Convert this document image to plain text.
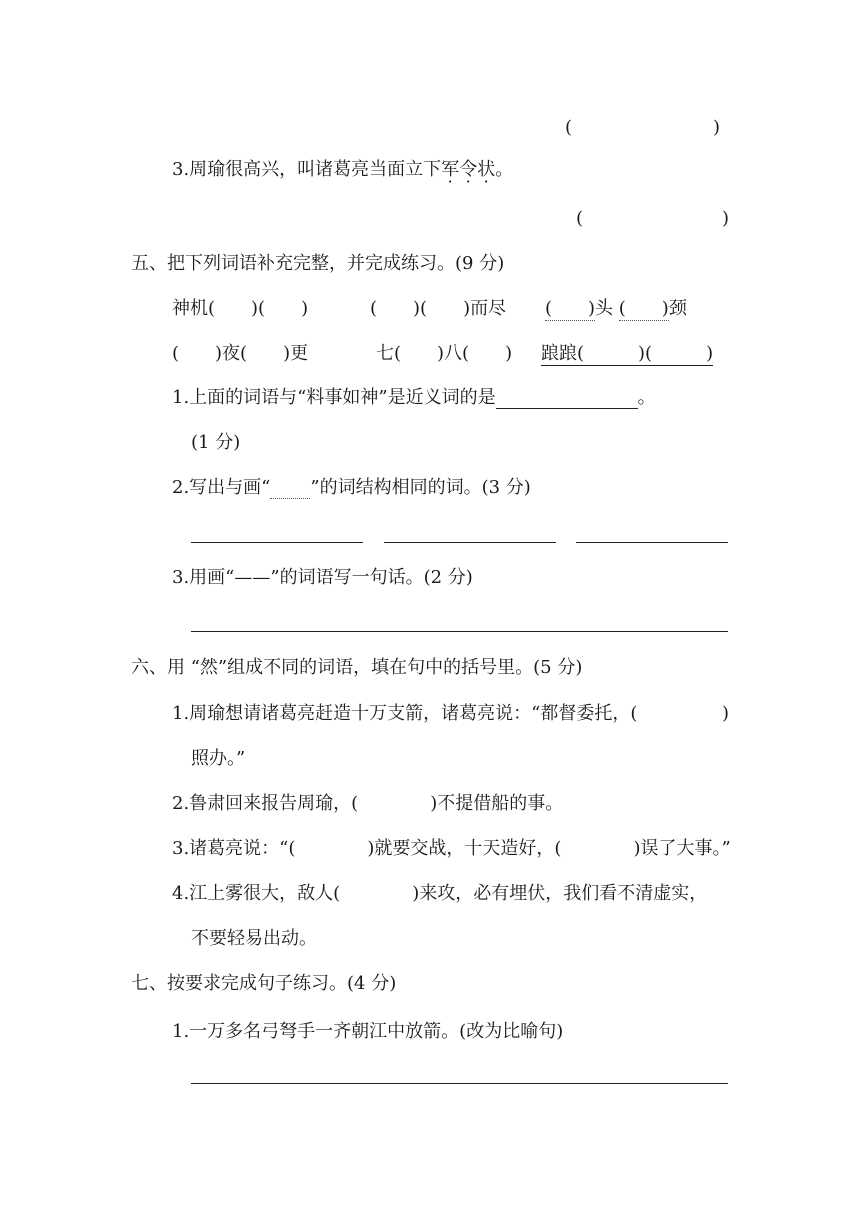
(	)
3.周瑜很高兴，叫诸葛亮当面立下军令状。
(	)
五、把下列词语补充完整，并完成练习。(9 分)
神机(　　)(　　)	(　　)(　　)而尽 (　　)头 (　　)颈
(　　)夜(　　)更	七(　　)八(　　) 踉踉(　　　)(　　　)
1.上面的词语与“料事如神”是近义词的是	。
(1 分)
2.写出与画“ ”的词结构相同的词。(3 分)
3.用画“——”的词语写一句话。(2 分)
六、用 “然”组成不同的词语，填在句中的括号里。(5 分)
1.周瑜想请诸葛亮赶造十万支箭，诸葛亮说：“都督委托，(	)
照办。”
2.鲁肃回来报告周瑜，(　　　　)不提借船的事。
3.诸葛亮说：“(　　　　)就要交战，十天造好，(　　　　)误了大事。”
4.江上雾很大，敌人(　　　　)来攻，必有埋伏，我们看不清虚实，
不要轻易出动。
七、按要求完成句子练习。(4 分)
1.一万多名弓弩手一齐朝江中放箭。(改为比喻句)
